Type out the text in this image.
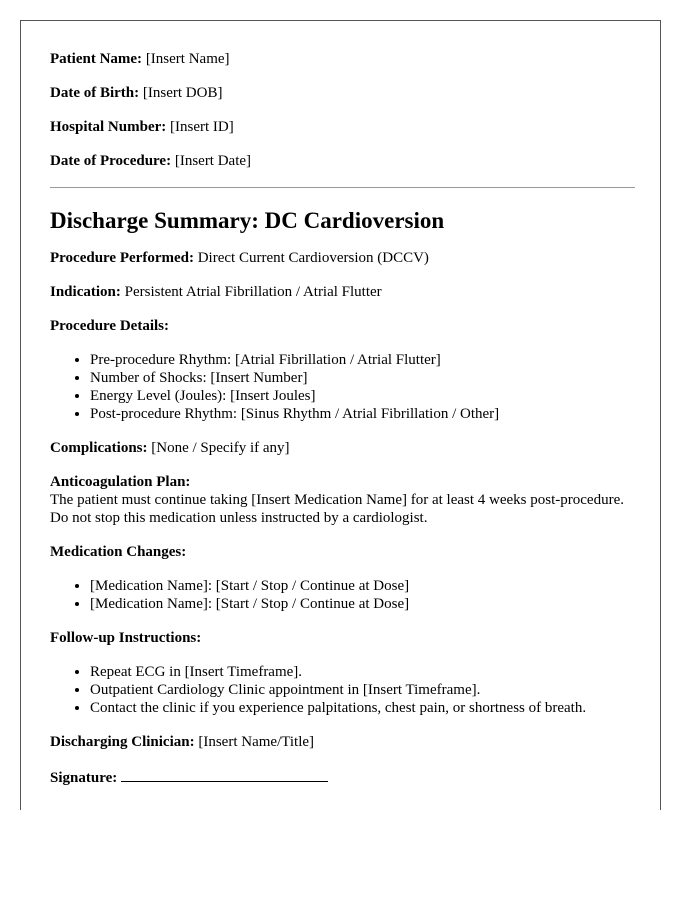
Patient Name: [Insert Name]

Date of Birth: [Insert DOB]

Hospital Number: [Insert ID]

Date of Procedure: [Insert Date]

Discharge Summary: DC Cardioversion

Procedure Performed: Direct Current Cardioversion (DCCV)

Indication: Persistent Atrial Fibrillation / Atrial Flutter

Procedure Details:

• Pre-procedure Rhythm: [Atrial Fibrillation / Atrial Flutter]
• Number of Shocks: [Insert Number]
• Energy Level (Joules): [Insert Joules]
• Post-procedure Rhythm: [Sinus Rhythm / Atrial Fibrillation / Other]

Complications: [None / Specify if any]

Anticoagulation Plan:

The patient must continue taking [Insert Medication Name] for at least 4 weeks post-procedure. Do not stop this medication unless instructed by a cardiologist.

Medication Changes:

• [Medication Name]: [Start / Stop / Continue at Dose]
• [Medication Name]: [Start / Stop / Continue at Dose]

Follow-up Instructions:

• Repeat ECG in [Insert Timeframe].
• Outpatient Cardiology Clinic appointment in [Insert Timeframe].
• Contact the clinic if you experience palpitations, chest pain, or shortness of breath.

Discharging Clinician: [Insert Name/Title]

Signature:
